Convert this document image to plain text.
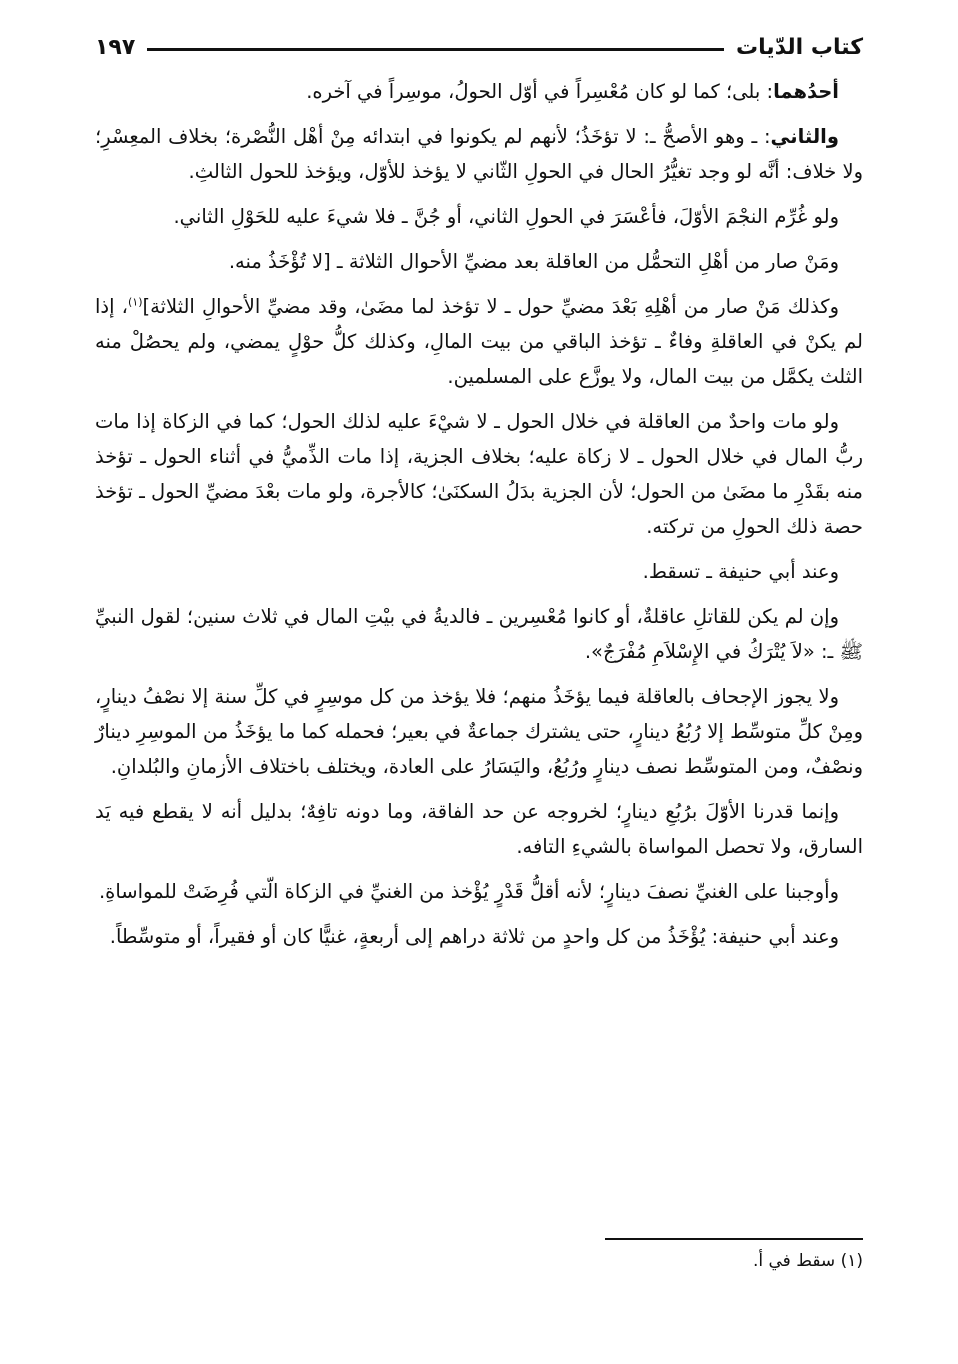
كتاب الدّيات
١٩٧

أحدُهما: بلى؛ كما لو كان مُعْسِراً في أوّل الحولُ، موسِراً في آخره.

والثاني: ـ وهو الأصحُّ ـ: لا تؤخَذُ؛ لأنهم لم يكونوا في ابتدائه مِنْ أهْل النُّصْرة؛ بخلاف المعِسْرِ؛ ولا خلاف: أنَّه لو وجد تغيُّرُ الحال في الحولِ الثّاني لا يؤخذ للأوّل، ويؤخذ للحول الثالثِ.

ولو غُرِّم النجْمَ الأوّلَ، فأعْسَرَ في الحولِ الثاني، أو جُنَّ ـ فلا شيءَ عليه للحَوْلِ الثاني.

ومَنْ صار من أهْلِ التحمُّل من العاقلة بعد مضيِّ الأحوال الثلاثة ـ [لا تُؤْخَذُ منه.

وكذلك مَنْ صار من أهْلِهِ بَعْدَ مضيِّ حول ـ لا تؤخذ لما مضَىٰ، وقد مضيِّ الأحوالِ الثلاثة]$^{(١)}$، إذا لم يكنْ في العاقلةِ وفاءٌ ـ تؤخذ الباقي من بيت المالِ، وكذلك كلُّ حوْلٍ يمضي، ولم يحصُلْ منه الثلث يكمَّل من بيت المال، ولا يوزَّع على المسلمين.

ولو مات واحدٌ من العاقلة في خلال الحول ـ لا شيْءَ عليه لذلك الحول؛ كما في الزكاة إذا مات ربُّ المال في خلال الحول ـ لا زكاة عليه؛ بخلاف الجزية، إذا مات الذِّميُّ في أثناء الحول ـ تؤخذ منه بقَدْرِ ما مضَىٰ من الحول؛ لأن الجزية بدَلُ السكنَىٰ؛ كالأجرة، ولو مات بعْدَ مضيِّ الحول ـ تؤخذ حصة ذلك الحولِ من تركته.

وعند أبي حنيفة ـ تسقط.

وإن لم يكن للقاتلِ عاقلةٌ، أو كانوا مُعْسِرين ـ فالديةُ في بيْتِ المال في ثلاث سنين؛ لقول النبيِّ ﷺ ـ: «لاَ يُتْرَكُ في الإِسْلاَمِ مُفْرَجٌ».

ولا يجوز الإجحاف بالعاقلة فيما يؤخَذُ منهم؛ فلا يؤخذ من كل موسِرٍ في كلِّ سنة إلا نصْفُ دينارٍ، ومِنْ كلِّ متوسِّط إلا رُبُعُ دينارٍ، حتى يشترك جماعةٌ في بعير؛ فحمله كما ما يؤخَذُ من الموسِرِ دينارٌ ونصْفٌ، ومن المتوسِّط نصف دينارٍ ورُبُعُ، واليَسَارُ على العادة، ويختلف باختلاف الأزمانِ والبُلدانِ.

وإنما قدرنا الأوّلَ برُبُعِ دينارٍ؛ لخروجه عن حد الفاقة، وما دونه تافِهٌ؛ بدليل أنه لا يقطع فيه يَد السارق، ولا تحصل المواساة بالشيءِ التافه.

وأوجبنا على الغنيِّ نصفَ دينارٍ؛ لأنه أقلُّ قَدْرٍ يُؤْخذ من الغنيِّ في الزكاة الّتي فُرِضَتْ للمواساةِ.

وعند أبي حنيفة: يُؤْخَذُ من كل واحدٍ من ثلاثة دراهم إلى أربعةٍ، غنيًّا كان أو فقيراً، أو متوسِّطاً.

(١) سقط في أ.
